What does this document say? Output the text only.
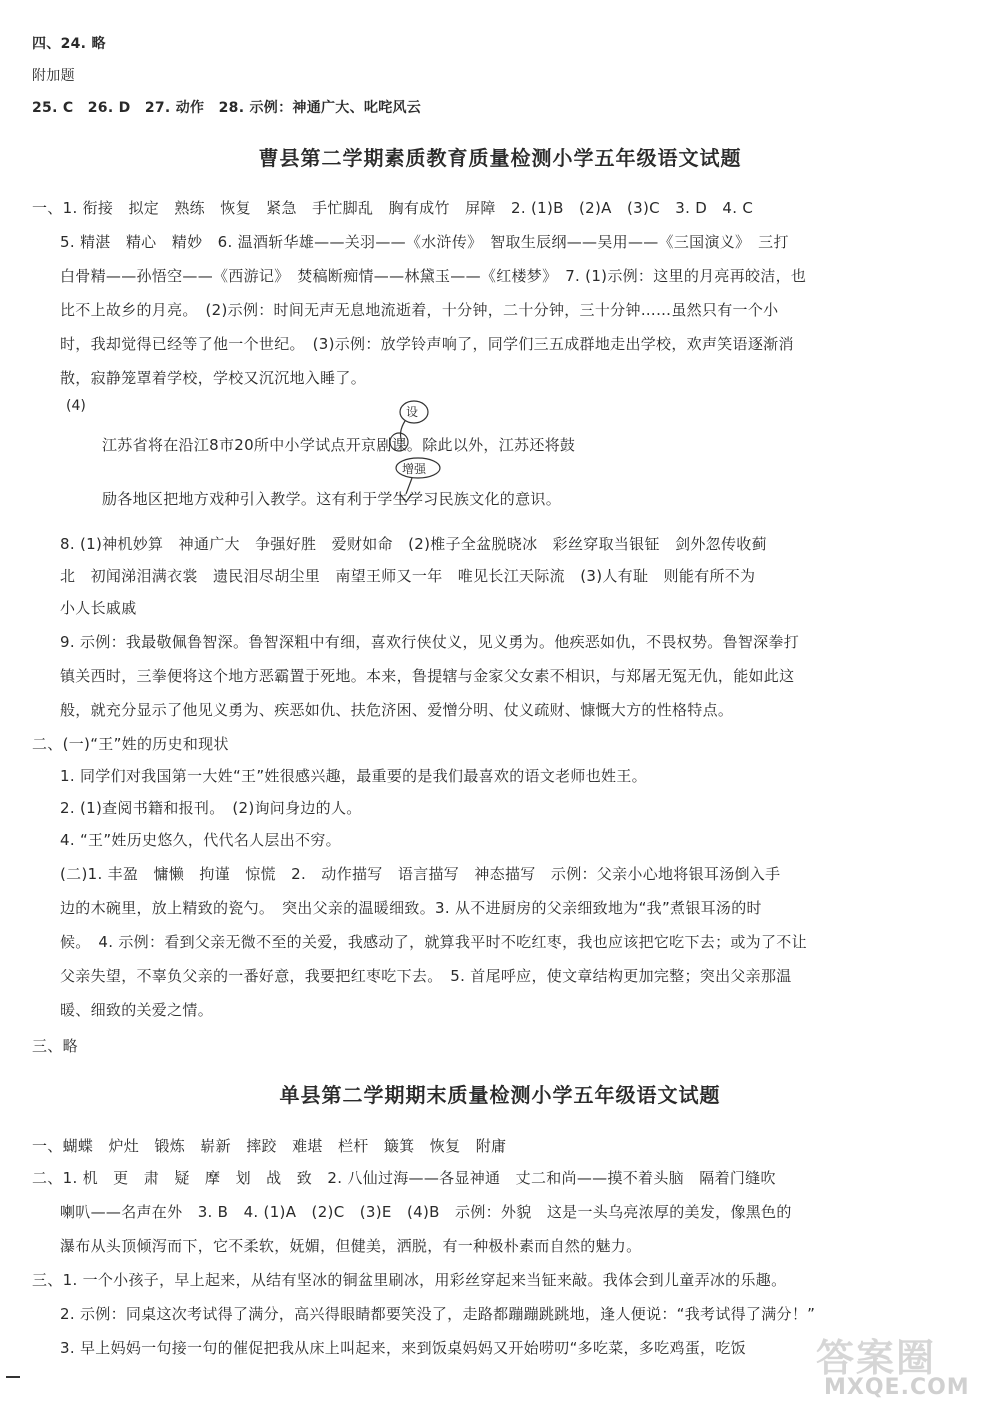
四、24. 略
附加题
25. C　26. D　27. 动作　28. 示例：神通广大、叱咤风云
曹县第二学期素质教育质量检测小学五年级语文试题
一、1. 衔接　拟定　熟练　恢复　紧急　手忙脚乱　胸有成竹　屏障　2. (1)B　(2)A　(3)C　3. D　4. C
5. 精湛　精心　精妙　6. 温酒斩华雄——关羽——《水浒传》　智取生辰纲——吴用——《三国演义》　三打
白骨精——孙悟空——《西游记》　焚稿断痴情——林黛玉——《红楼梦》　7. (1)示例：这里的月亮再皎洁，也
比不上故乡的月亮。　(2)示例：时间无声无息地流逝着，十分钟，二十分钟，三十分钟……虽然只有一个小
时，我却觉得已经等了他一个世纪。　(3)示例：放学铃声响了，同学们三五成群地走出学校，欢声笑语逐渐消
散，寂静笼罩着学校，学校又沉沉地入睡了。
(4)	设
增强
江苏省将在沿江8市20所中小学试点开京剧课。除此以外，江苏还将鼓
励各地区把地方戏种引入教学。这有利于学生学习民族文化的意识。
8. (1)神机妙算　神通广大　争强好胜　爱财如命　(2)椎子全盆脱晓冰　彩丝穿取当银钲　剑外忽传收蓟
北　初闻涕泪满衣裳　遗民泪尽胡尘里　南望王师又一年　唯见长江天际流　(3)人有耻　则能有所不为
小人长戚戚
9. 示例：我最敬佩鲁智深。鲁智深粗中有细，喜欢行侠仗义，见义勇为。他疾恶如仇，不畏权势。鲁智深拳打
镇关西时，三拳便将这个地方恶霸置于死地。本来，鲁提辖与金家父女素不相识，与郑屠无冤无仇，能如此这
般，就充分显示了他见义勇为、疾恶如仇、扶危济困、爱憎分明、仗义疏财、慷慨大方的性格特点。
二、(一)“王”姓的历史和现状
1. 同学们对我国第一大姓“王”姓很感兴趣，最重要的是我们最喜欢的语文老师也姓王。
2. (1)查阅书籍和报刊。　(2)询问身边的人。
4. “王”姓历史悠久，代代名人层出不穷。
(二)1. 丰盈　慵懒　拘谨　惊慌　2.　动作描写　语言描写　神态描写　示例：父亲小心地将银耳汤倒入手
边的木碗里，放上精致的瓷勺。　突出父亲的温暖细致。3. 从不进厨房的父亲细致地为“我”煮银耳汤的时
候。　4. 示例：看到父亲无微不至的关爱，我感动了，就算我平时不吃红枣，我也应该把它吃下去；或为了不让
父亲失望，不辜负父亲的一番好意，我要把红枣吃下去。　5. 首尾呼应，使文章结构更加完整；突出父亲那温
暖、细致的关爱之情。
三、略
单县第二学期期末质量检测小学五年级语文试题
一、蝴蝶　炉灶　锻炼　崭新　摔跤　难堪　栏杆　簸箕　恢复　附庸
二、1. 机　更　肃　疑　摩　划　战　致　2. 八仙过海——各显神通　丈二和尚——摸不着头脑　隔着门缝吹
喇叭——名声在外　3. B　4. (1)A　(2)C　(3)E　(4)B　示例：外貌　这是一头乌亮浓厚的美发，像黑色的
瀑布从头顶倾泻而下，它不柔软，妩媚，但健美，洒脱，有一种极朴素而自然的魅力。
三、1. 一个小孩子，早上起来，从结有坚冰的铜盆里刷冰，用彩丝穿起来当钲来敲。我体会到儿童弄冰的乐趣。
2. 示例：同桌这次考试得了满分，高兴得眼睛都要笑没了，走路都蹦蹦跳跳地，逢人便说：“我考试得了满分！”
3. 早上妈妈一句接一句的催促把我从床上叫起来，来到饭桌妈妈又开始唠叨“多吃菜，多吃鸡蛋，吃饭	答案圈
MXQE.COM
